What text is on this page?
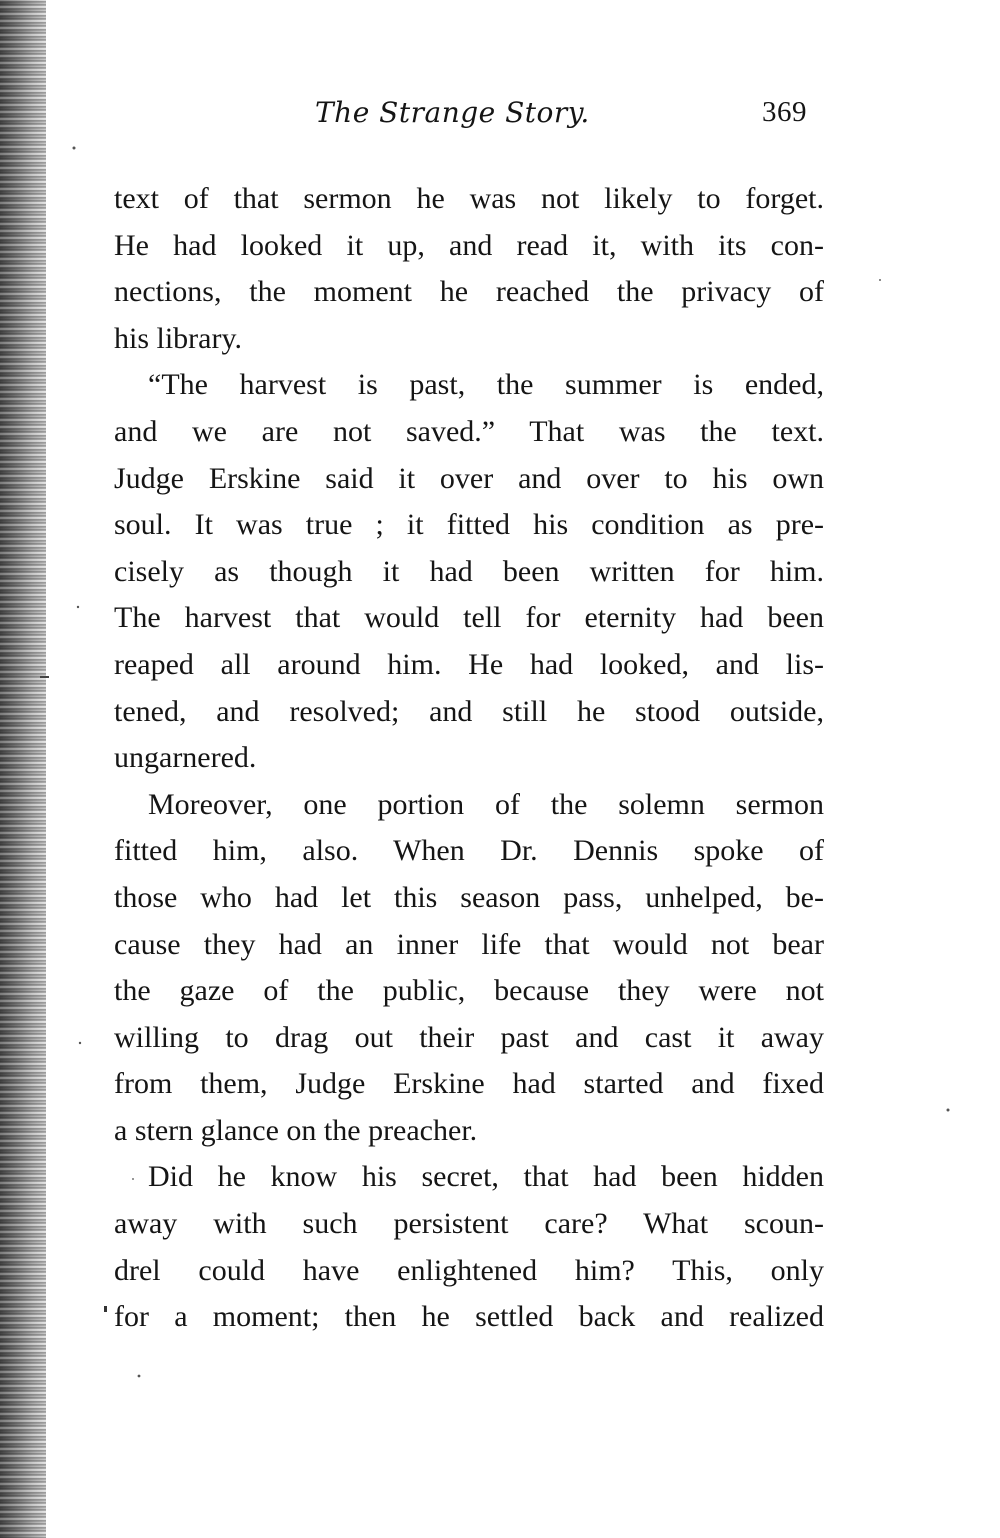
The Strange Story.	369
text of that sermon he was not likely to forget.
He had looked it up, and read it, with its con-
nections, the moment he reached the privacy of
his library.
“The harvest is past, the summer is ended,
and we are not saved.” That was the text.
Judge Erskine said it over and over to his own
soul. It was true ; it fitted his condition as pre-
cisely as though it had been written for him.
The harvest that would tell for eternity had been
reaped all around him. He had looked, and lis-
tened, and resolved; and still he stood outside,
ungarnered.
Moreover, one portion of the solemn sermon
fitted him, also. When Dr. Dennis spoke of
those who had let this season pass, unhelped, be-
cause they had an inner life that would not bear
the gaze of the public, because they were not
willing to drag out their past and cast it away
from them, Judge Erskine had started and fixed
a stern glance on the preacher.
Did he know his secret, that had been hidden
away with such persistent care? What scoun-
drel could have enlightened him? This, only
for a moment; then he settled back and realized
